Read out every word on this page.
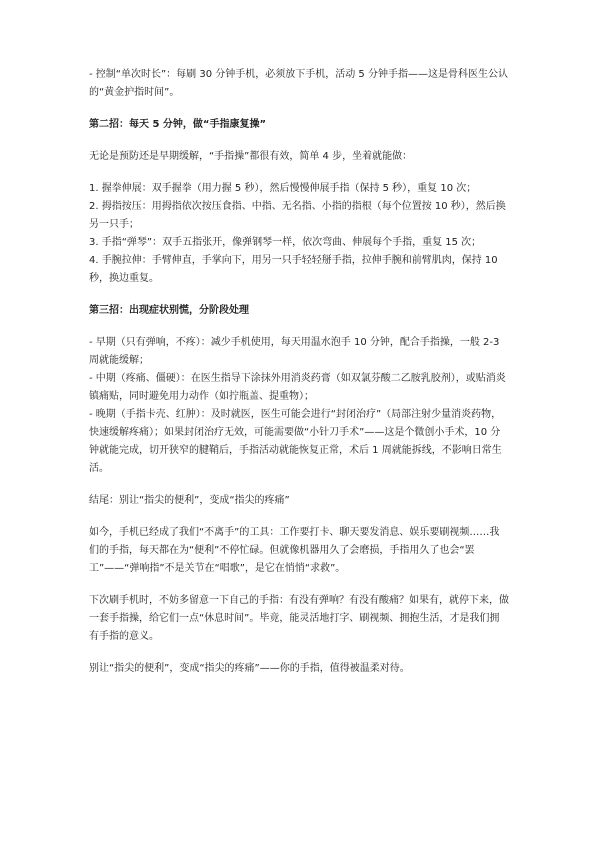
- 控制“单次时长”：每刷 30 分钟手机，必须放下手机，活动 5 分钟手指——这是骨科医生公认的“黄金护指时间”。

第二招：每天 5 分钟，做“手指康复操”

无论是预防还是早期缓解，“手指操”都很有效，简单 4 步，坐着就能做：

1. 握拳伸展：双手握拳（用力握 5 秒），然后慢慢伸展手指（保持 5 秒），重复 10 次；

2. 拇指按压：用拇指依次按压食指、中指、无名指、小指的指根（每个位置按 10 秒），然后换另一只手；

3. 手指“弹琴”：双手五指张开，像弹钢琴一样，依次弯曲、伸展每个手指，重复 15 次；

4. 手腕拉伸：手臂伸直，手掌向下，用另一只手轻轻掰手指，拉伸手腕和前臂肌肉，保持 10 秒，换边重复。

第三招：出现症状别慌，分阶段处理

- 早期（只有弹响，不疼）：减少手机使用，每天用温水泡手 10 分钟，配合手指操，一般 2-3 周就能缓解；

- 中期（疼痛、僵硬）：在医生指导下涂抹外用消炎药膏（如双氯芬酸二乙胺乳胶剂），或贴消炎镇痛贴，同时避免用力动作（如拧瓶盖、提重物）；

- 晚期（手指卡壳、红肿）：及时就医，医生可能会进行“封闭治疗”（局部注射少量消炎药物，快速缓解疼痛）；如果封闭治疗无效，可能需要做“小针刀手术”——这是个微创小手术，10 分钟就能完成，切开狭窄的腱鞘后，手指活动就能恢复正常，术后 1 周就能拆线，不影响日常生活。

结尾：别让“指尖的便利”，变成“指尖的疼痛”

如今，手机已经成了我们“不离手”的工具：工作要打卡、聊天要发消息、娱乐要刷视频……我们的手指，每天都在为“便利”不停忙碌。但就像机器用久了会磨损，手指用久了也会“罢工”——“弹响指”不是关节在“唱歌”，是它在悄悄“求救”。

下次刷手机时，不妨多留意一下自己的手指：有没有弹响？有没有酸痛？如果有，就停下来，做一套手指操，给它们一点“休息时间”。毕竟，能灵活地打字、刷视频、拥抱生活，才是我们拥有手指的意义。

别让“指尖的便利”，变成“指尖的疼痛”——你的手指，值得被温柔对待。
